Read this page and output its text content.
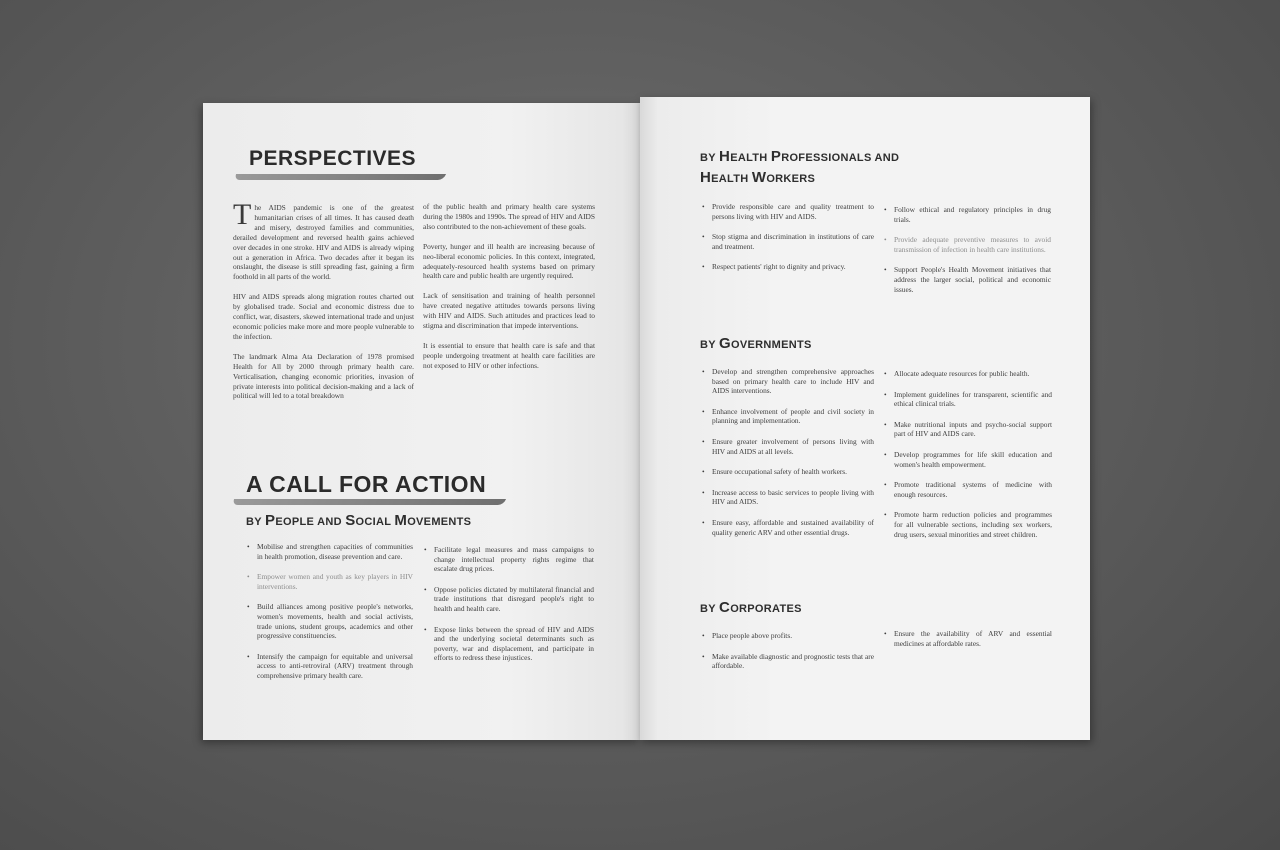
PERSPECTIVES

The AIDS pandemic is one of the greatest humanitarian crises of all times. It has caused death and misery, destroyed families and communities, derailed development and reversed health gains achieved over decades in one stroke. HIV and AIDS is already wiping out a generation in Africa. Two decades after it began its onslaught, the disease is still spreading fast, gaining a firm foothold in all parts of the world.

HIV and AIDS spreads along migration routes charted out by globalised trade. Social and economic distress due to conflict, war, disasters, skewed international trade and unjust economic policies make more and more people vulnerable to the infection.

The landmark Alma Ata Declaration of 1978 promised Health for All by 2000 through primary health care. Verticalisation, changing economic priorities, invasion of private interests into political decision-making and a lack of political will led to a total breakdown

of the public health and primary health care systems during the 1980s and 1990s. The spread of HIV and AIDS also contributed to the non-achievement of these goals.

Poverty, hunger and ill health are increasing because of neo-liberal economic policies. In this context, integrated, adequately-resourced health systems based on primary health care and public health are urgently required.

Lack of sensitisation and training of health personnel have created negative attitudes towards persons living with HIV and AIDS. Such attitudes and practices lead to stigma and discrimination that impede interventions.

It is essential to ensure that health care is safe and that people undergoing treatment at health care facilities are not exposed to HIV or other infections.

A CALL FOR ACTION
BY PEOPLE AND SOCIAL MOVEMENTS
• Mobilise and strengthen capacities of communities in health promotion, disease prevention and care.
• Empower women and youth as key players in HIV interventions.
• Build alliances among positive people's networks, women's movements, health and social activists, trade unions, student groups, academics and other progressive constituencies.
• Intensify the campaign for equitable and universal access to anti-retroviral (ARV) treatment through comprehensive primary health care.
• Facilitate legal measures and mass campaigns to change intellectual property rights regime that escalate drug prices.
• Oppose policies dictated by multilateral financial and trade institutions that disregard people's right to health and health care.
• Expose links between the spread of HIV and AIDS and the underlying societal determinants such as poverty, war and displacement, and participate in efforts to redress these injustices.
BY HEALTH PROFESSIONALS AND
HEALTH WORKERS
• Provide responsible care and quality treatment to persons living with HIV and AIDS.
• Stop stigma and discrimination in institutions of care and treatment.
• Respect patients' right to dignity and privacy.
• Follow ethical and regulatory principles in drug trials.
• Provide adequate preventive measures to avoid transmission of infection in health care institutions.
• Support People's Health Movement initiatives that address the larger social, political and economic issues.
BY GOVERNMENTS
• Develop and strengthen comprehensive approaches based on primary health care to include HIV and AIDS interventions.
• Enhance involvement of people and civil society in planning and implementation.
• Ensure greater involvement of persons living with HIV and AIDS at all levels.
• Ensure occupational safety of health workers.
• Increase access to basic services to people living with HIV and AIDS.
• Ensure easy, affordable and sustained availability of quality generic ARV and other essential drugs.
• Allocate adequate resources for public health.
• Implement guidelines for transparent, scientific and ethical clinical trials.
• Make nutritional inputs and psycho-social support part of HIV and AIDS care.
• Develop programmes for life skill education and women's health empowerment.
• Promote traditional systems of medicine with enough resources.
• Promote harm reduction policies and programmes for all vulnerable sections, including sex workers, drug users, sexual minorities and street children.
BY CORPORATES
• Place people above profits.
• Make available diagnostic and prognostic tests that are affordable.
• Ensure the availability of ARV and essential medicines at affordable rates.
